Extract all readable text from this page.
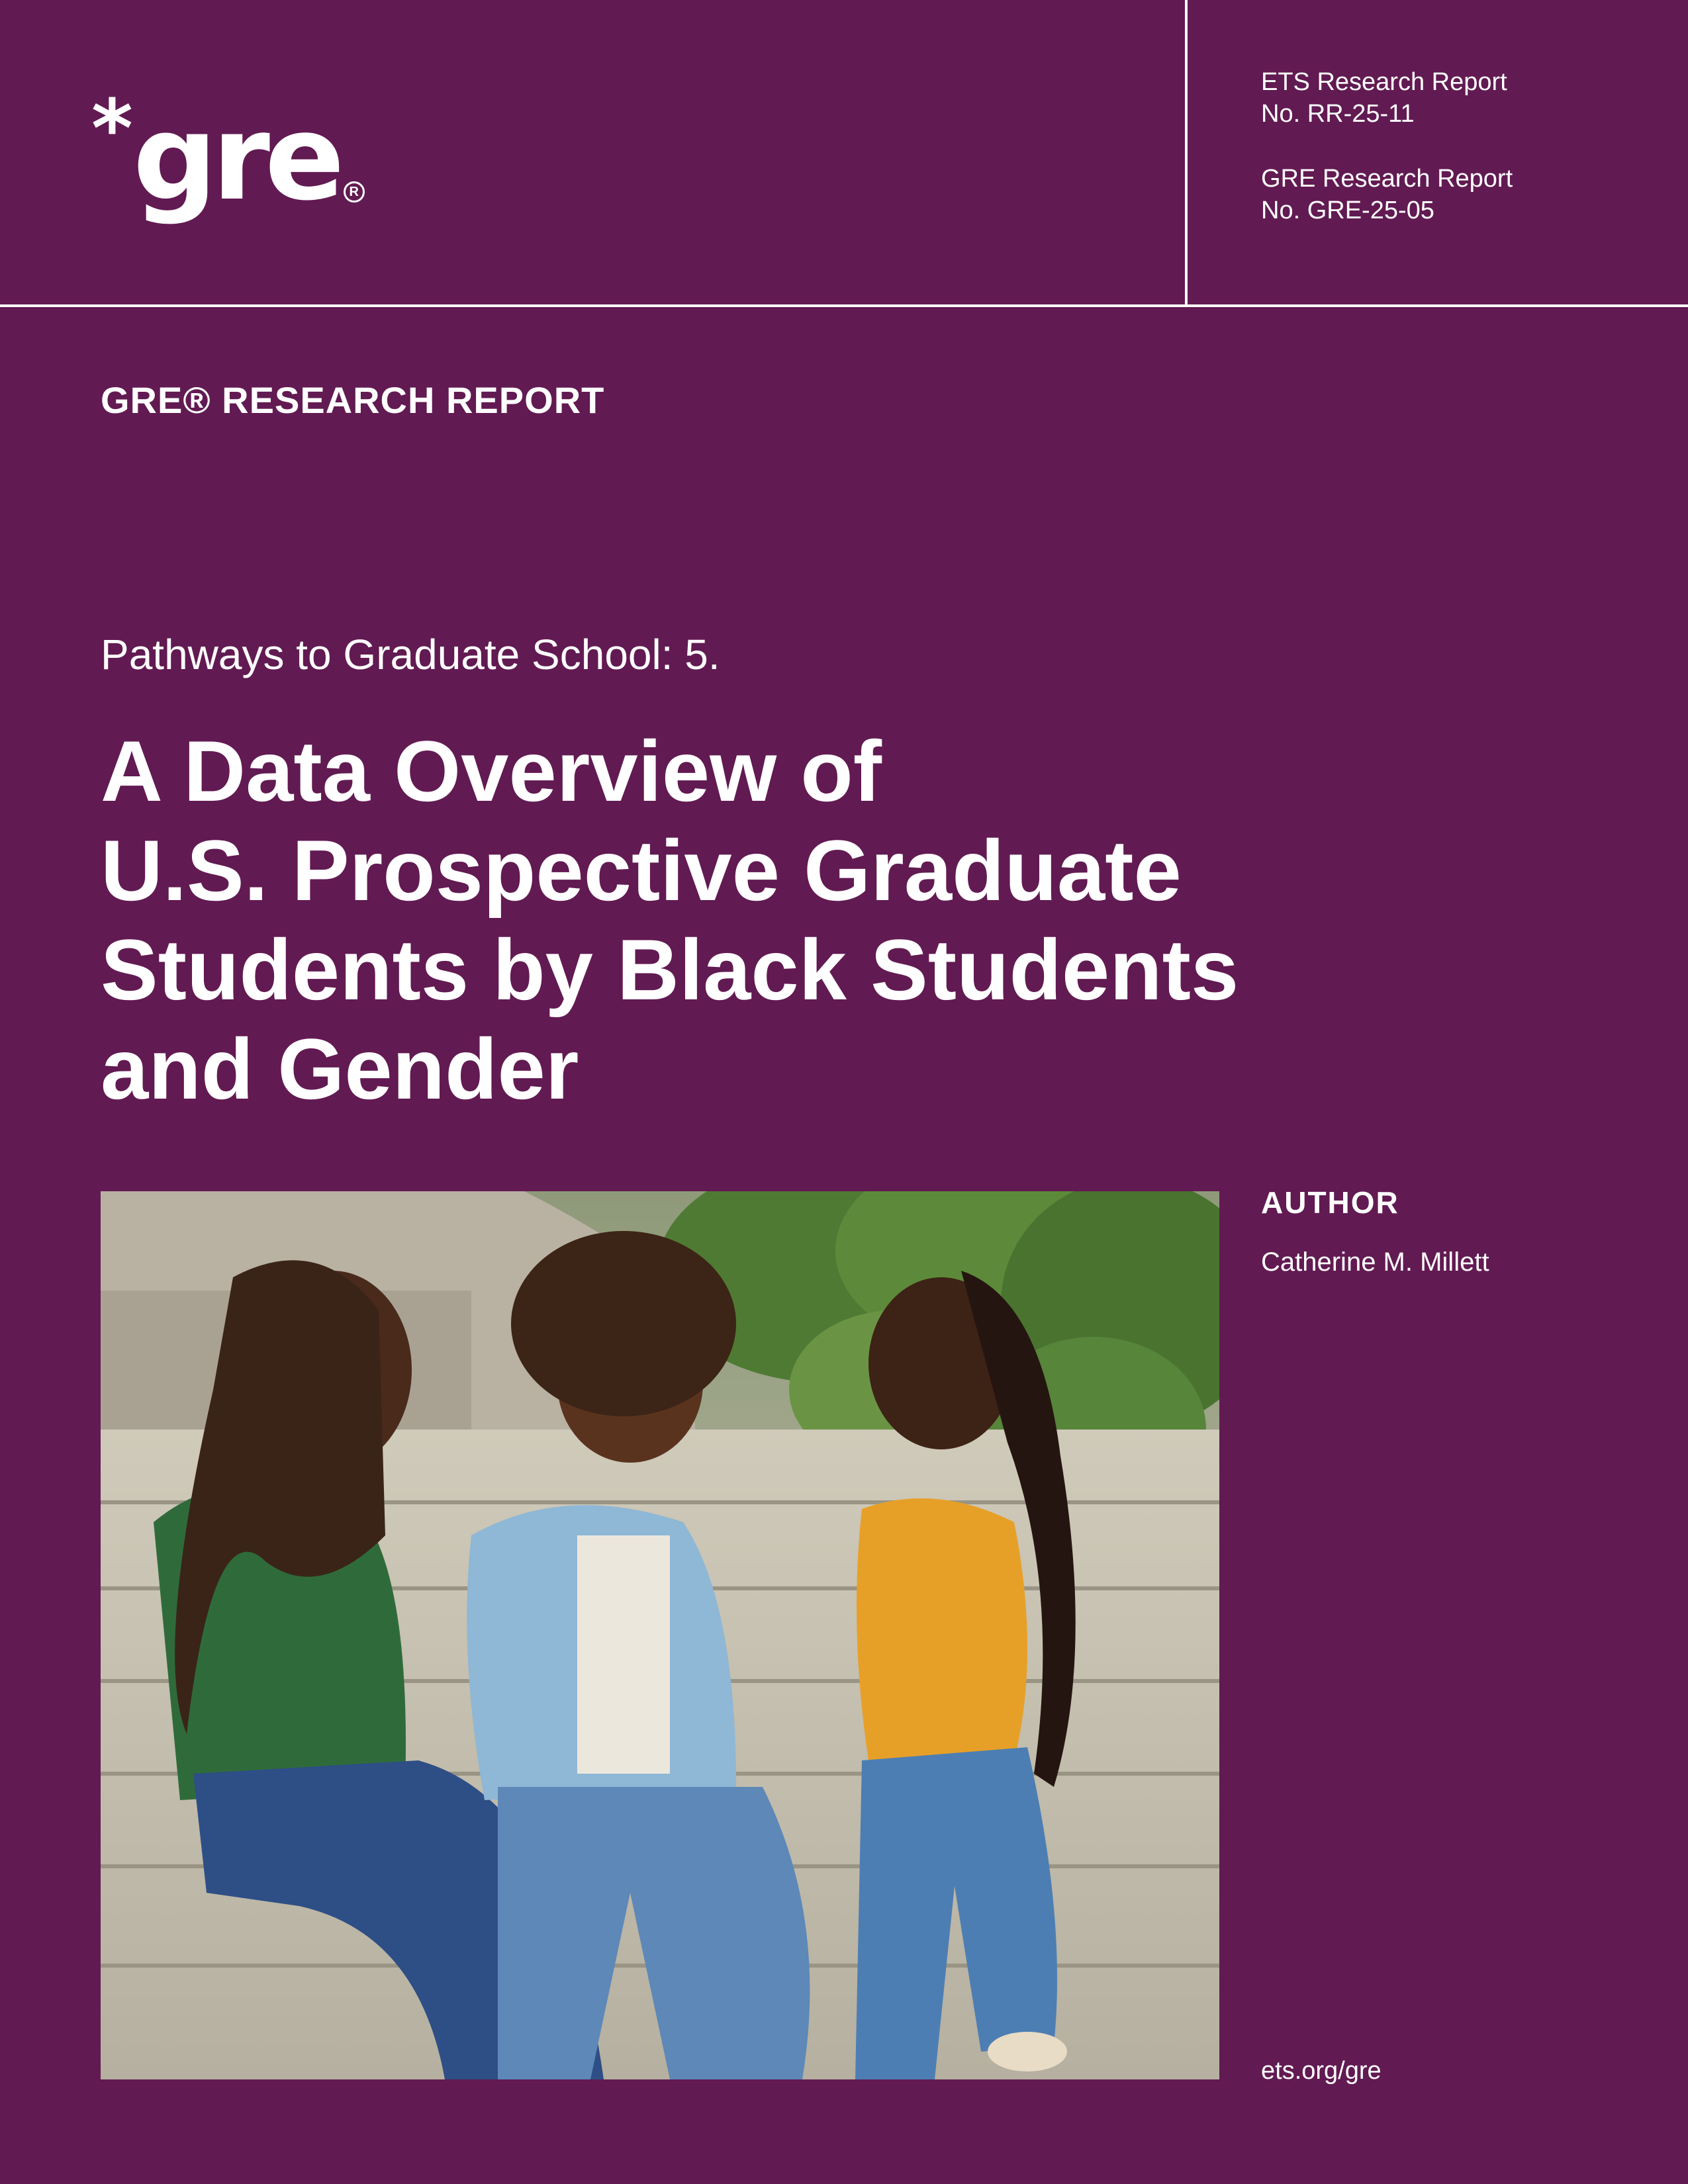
* gre R
ETS Research Report
No. RR-25-11
GRE Research Report
No. GRE-25-05
GRE® RESEARCH REPORT
Pathways to Graduate School: 5.
A Data Overview of
U.S. Prospective Graduate
Students by Black Students
and Gender
AUTHOR
Catherine M. Millett
ets.org/gre
